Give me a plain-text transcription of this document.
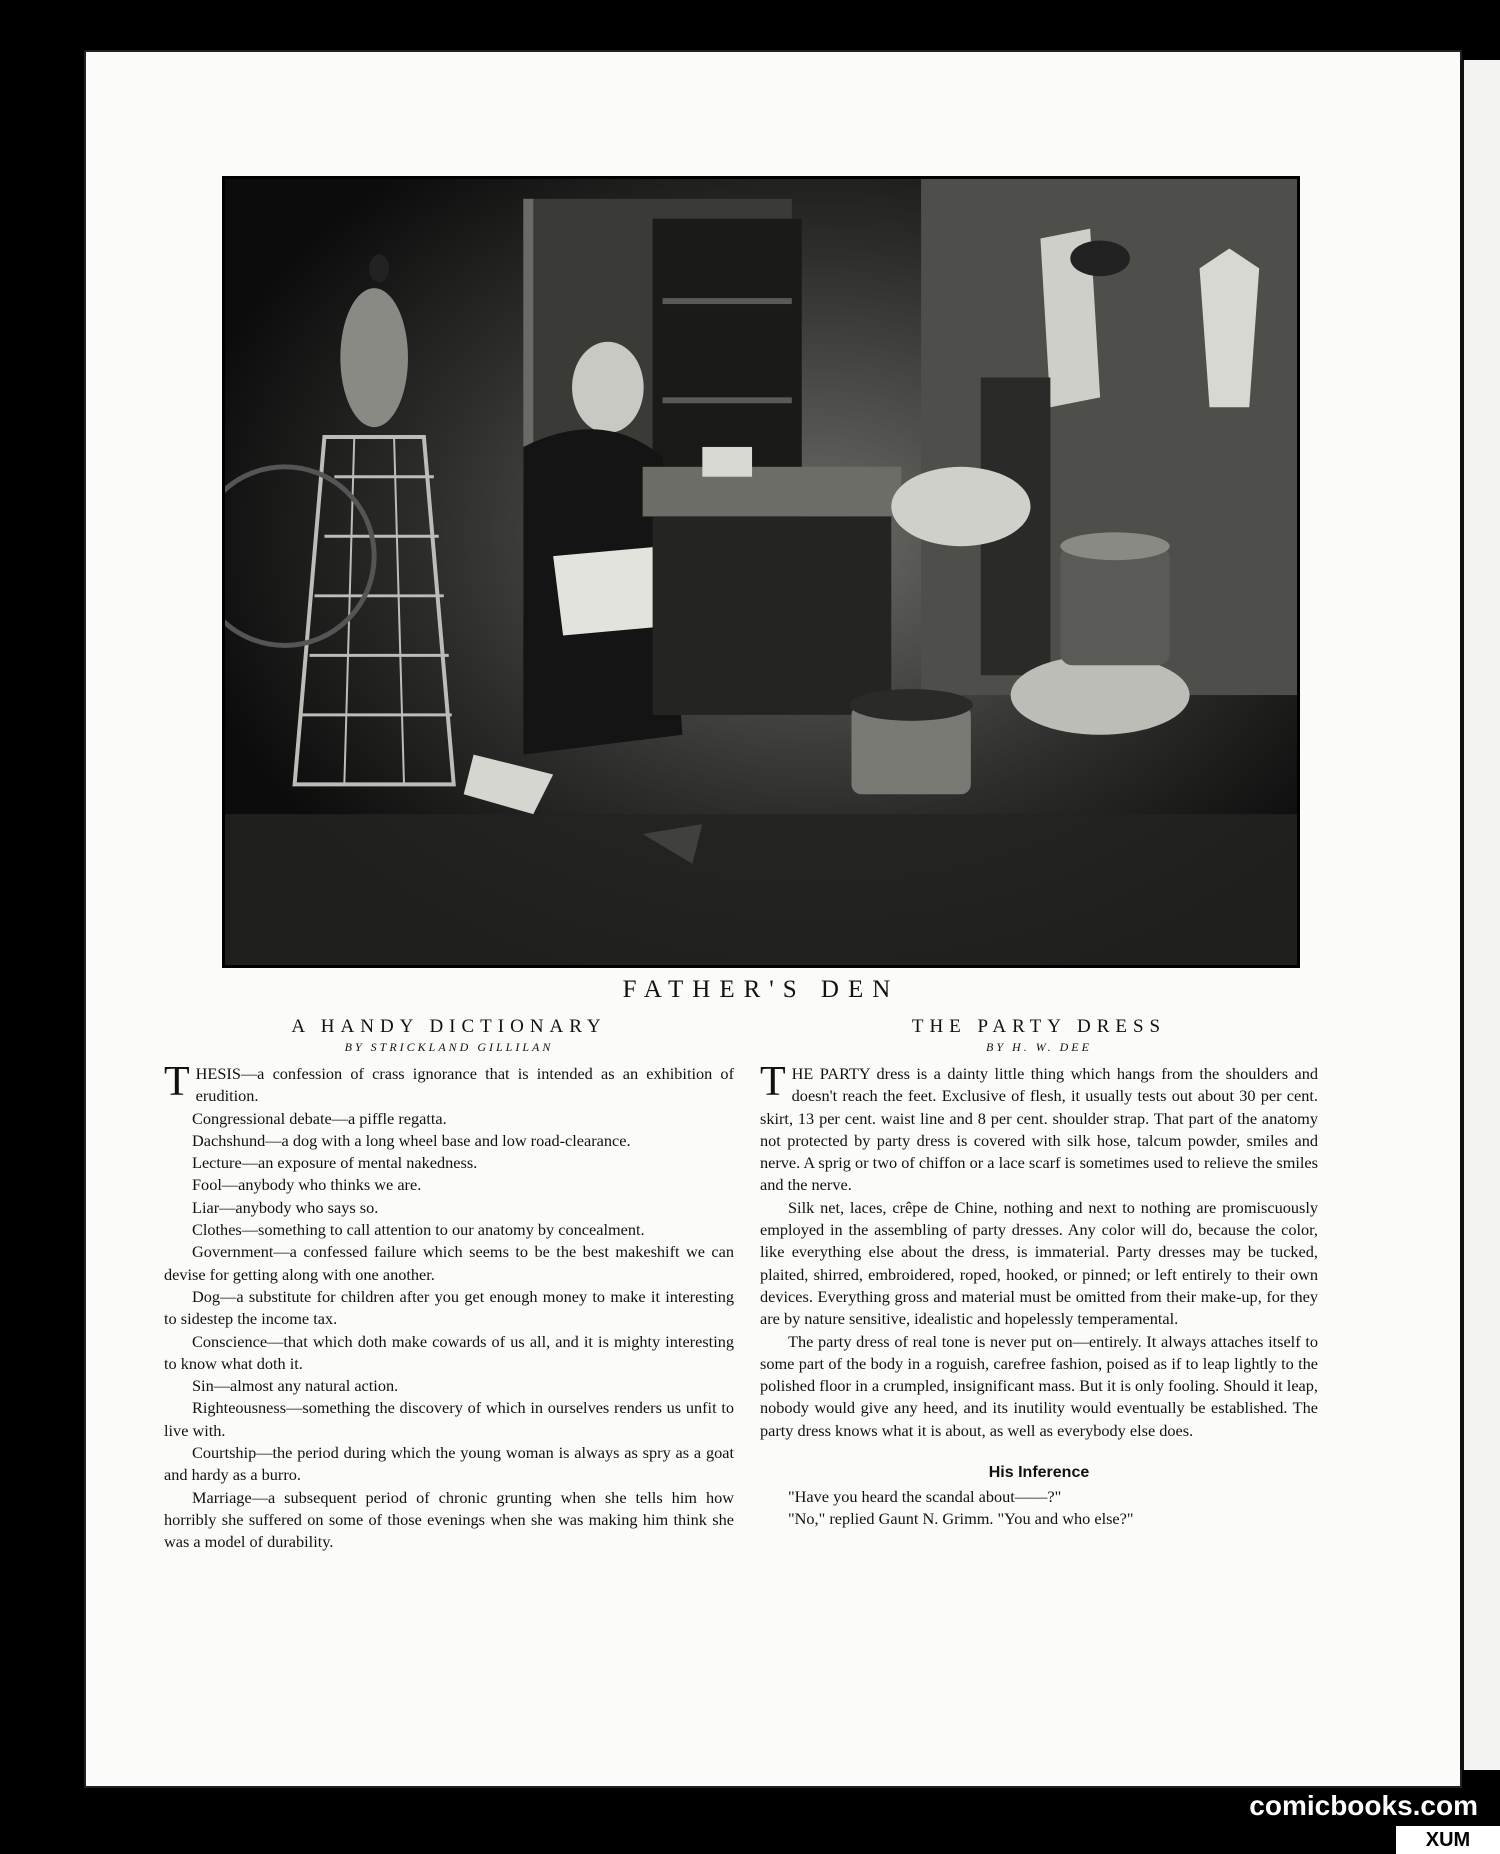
FATHER'S DEN
A HANDY DICTIONARY
BY STRICKLAND GILLILAN

THESIS—a confession of crass ignorance that is intended as an exhibition of erudition.

Congressional debate—a piffle regatta.

Dachshund—a dog with a long wheel base and low road-clearance.

Lecture—an exposure of mental nakedness.

Fool—anybody who thinks we are.

Liar—anybody who says so.

Clothes—something to call attention to our anatomy by concealment.

Government—a confessed failure which seems to be the best makeshift we can devise for getting along with one another.

Dog—a substitute for children after you get enough money to make it interesting to sidestep the income tax.

Conscience—that which doth make cowards of us all, and it is mighty interesting to know what doth it.

Sin—almost any natural action.

Righteousness—something the discovery of which in ourselves renders us unfit to live with.

Courtship—the period during which the young woman is always as spry as a goat and hardy as a burro.

Marriage—a subsequent period of chronic grunting when she tells him how horribly she suffered on some of those evenings when she was making him think she was a model of durability.

THE PARTY DRESS
BY H. W. DEE

THE PARTY dress is a dainty little thing which hangs from the shoulders and doesn't reach the feet. Exclusive of flesh, it usually tests out about 30 per cent. skirt, 13 per cent. waist line and 8 per cent. shoulder strap. That part of the anatomy not protected by party dress is covered with silk hose, talcum powder, smiles and nerve. A sprig or two of chiffon or a lace scarf is sometimes used to relieve the smiles and the nerve.

Silk net, laces, crêpe de Chine, nothing and next to nothing are promiscuously employed in the assembling of party dresses. Any color will do, because the color, like everything else about the dress, is immaterial. Party dresses may be tucked, plaited, shirred, embroidered, roped, hooked, or pinned; or left entirely to their own devices. Everything gross and material must be omitted from their make-up, for they are by nature sensitive, idealistic and hopelessly temperamental.

The party dress of real tone is never put on—entirely. It always attaches itself to some part of the body in a roguish, carefree fashion, poised as if to leap lightly to the polished floor in a crumpled, insignificant mass. But it is only fooling. Should it leap, nobody would give any heed, and its inutility would eventually be established. The party dress knows what it is about, as well as everybody else does.

His Inference

"Have you heard the scandal about——?"

"No," replied Gaunt N. Grimm. "You and who else?"

comicbooks.com
XUM
